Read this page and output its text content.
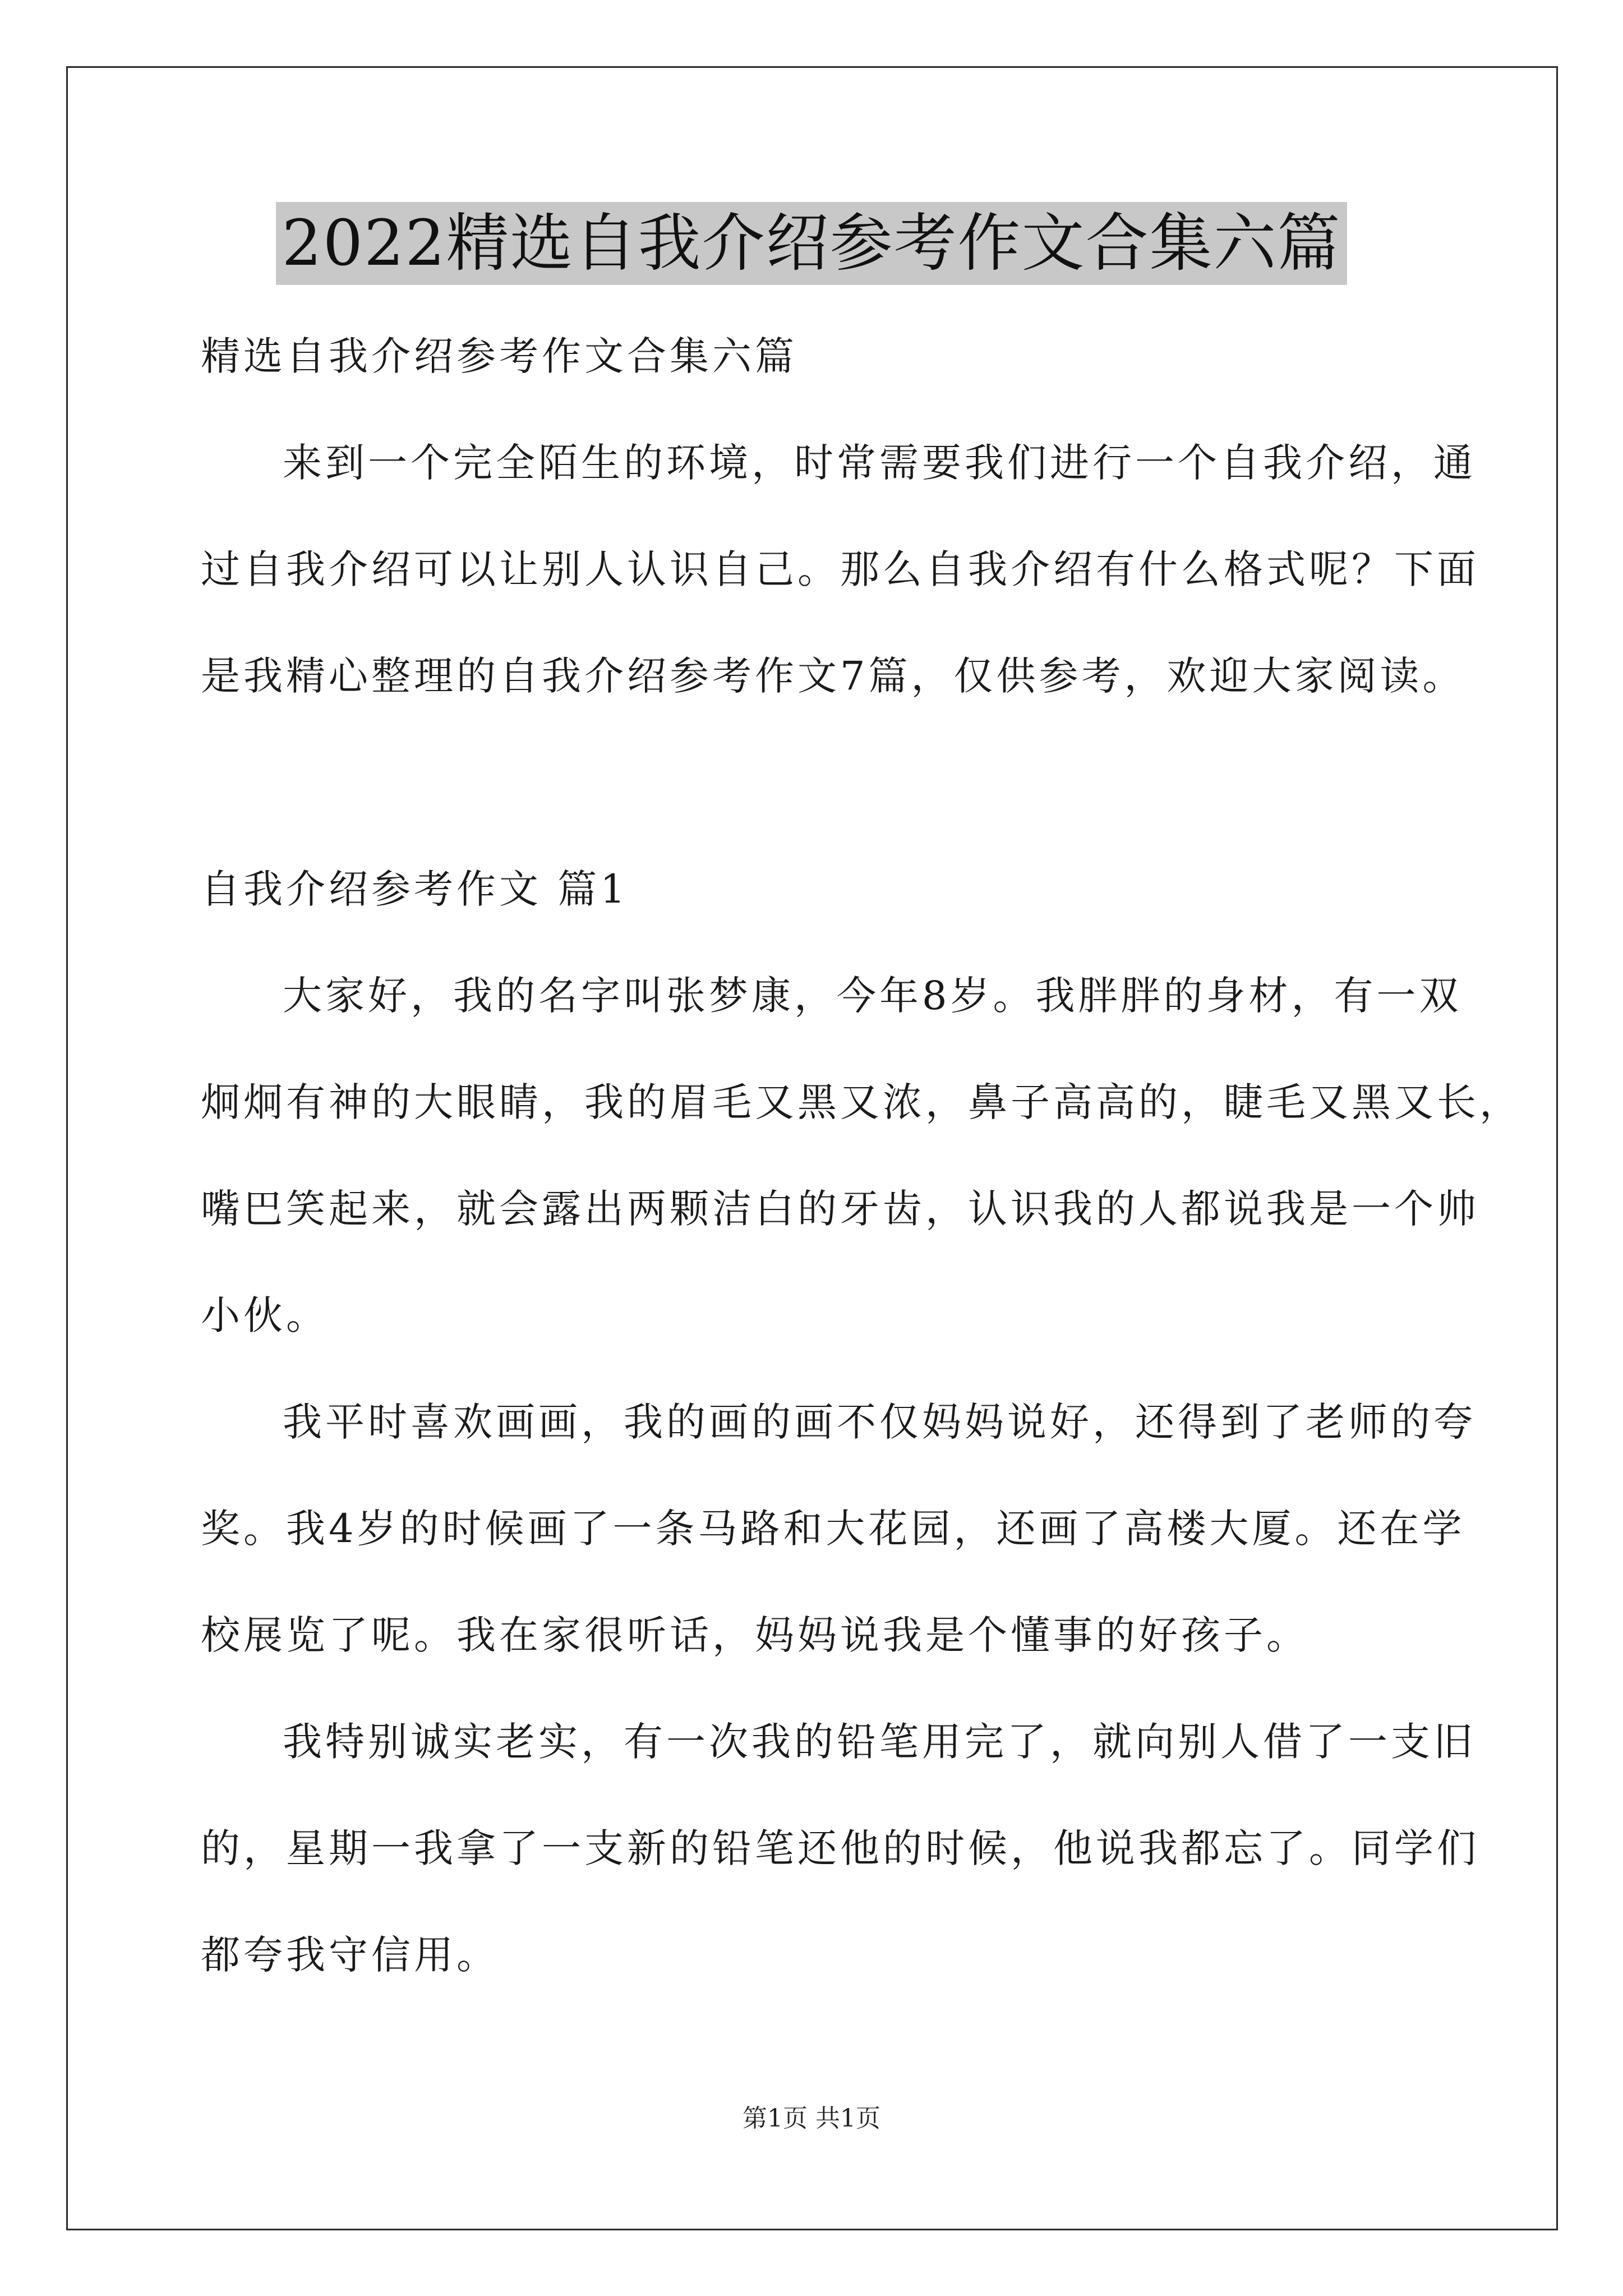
2022精选自我介绍参考作文合集六篇
精选自我介绍参考作文合集六篇
来到一个完全陌生的环境，时常需要我们进行一个自我介绍，通
过自我介绍可以让别人认识自己。那么自我介绍有什么格式呢？下面
是我精心整理的自我介绍参考作文7篇，仅供参考，欢迎大家阅读。
自我介绍参考作文 篇1
大家好，我的名字叫张梦康，今年8岁。我胖胖的身材，有一双
炯炯有神的大眼睛，我的眉毛又黑又浓，鼻子高高的，睫毛又黑又长，
嘴巴笑起来，就会露出两颗洁白的牙齿，认识我的人都说我是一个帅
小伙。
我平时喜欢画画，我的画的画不仅妈妈说好，还得到了老师的夸
奖。我4岁的时候画了一条马路和大花园，还画了高楼大厦。还在学
校展览了呢。我在家很听话，妈妈说我是个懂事的好孩子。
我特别诚实老实，有一次我的铅笔用完了，就向别人借了一支旧
的，星期一我拿了一支新的铅笔还他的时候，他说我都忘了。同学们
都夸我守信用。
第1页 共1页
